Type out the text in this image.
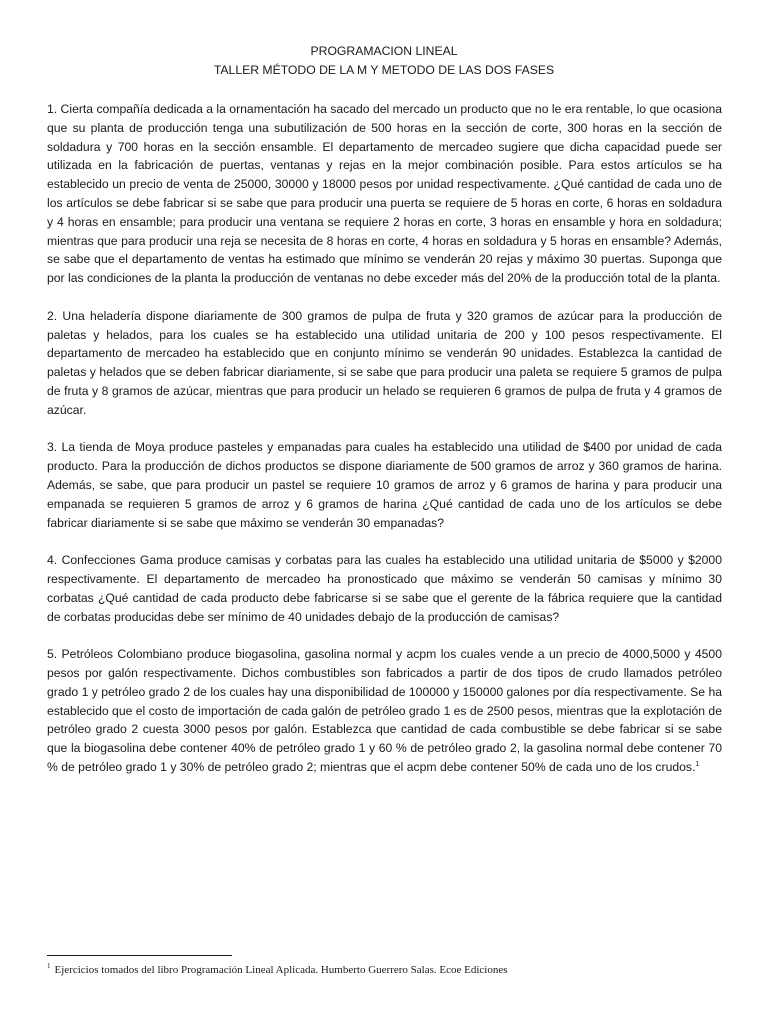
PROGRAMACION LINEAL
TALLER MÉTODO DE LA M Y METODO DE LAS DOS FASES

1. Cierta compañía dedicada a la ornamentación ha sacado del mercado un producto que no le era rentable, lo que ocasiona que su planta de producción tenga una subutilización de 500 horas en la sección de corte, 300 horas en la sección de soldadura y 700 horas en la sección ensamble. El departamento de mercadeo sugiere que dicha capacidad puede ser utilizada en la fabricación de puertas, ventanas y rejas en la mejor combinación posible. Para estos artículos se ha establecido un precio de venta de 25000, 30000 y 18000 pesos por unidad respectivamente. ¿Qué cantidad de cada uno de los artículos se debe fabricar si se sabe que para producir una puerta se requiere de 5 horas en corte, 6 horas en soldadura y 4 horas en ensamble; para producir una ventana se requiere 2 horas en corte, 3 horas en ensamble y hora en soldadura; mientras que para producir una reja se necesita de 8 horas en corte, 4 horas en soldadura y 5 horas en ensamble? Además, se sabe que el departamento de ventas ha estimado que mínimo se venderán 20 rejas y máximo 30 puertas. Suponga que por las condiciones de la planta la producción de ventanas no debe exceder más del 20% de la producción total de la planta.

2. Una heladería dispone diariamente de 300 gramos de pulpa de fruta y 320 gramos de azúcar para la producción de paletas y helados, para los cuales se ha establecido una utilidad unitaria de 200 y 100 pesos respectivamente. El departamento de mercadeo ha establecido que en conjunto mínimo se venderán 90 unidades. Establezca la cantidad de paletas y helados que se deben fabricar diariamente, si se sabe que para producir una paleta se requiere 5 gramos de pulpa de fruta y 8 gramos de azúcar, mientras que para producir un helado se requieren 6 gramos de pulpa de fruta y 4 gramos de azúcar.

3. La tienda de Moya produce pasteles y empanadas para cuales ha establecido una utilidad de $400 por unidad de cada producto. Para la producción de dichos productos se dispone diariamente de 500 gramos de arroz y 360 gramos de harina. Además, se sabe, que para producir un pastel se requiere 10 gramos de arroz y 6 gramos de harina y para producir una empanada se requieren 5 gramos de arroz y 6 gramos de harina ¿Qué cantidad de cada uno de los artículos se debe fabricar diariamente si se sabe que máximo se venderán 30 empanadas?

4. Confecciones Gama produce camisas y corbatas para las cuales ha establecido una utilidad unitaria de $5000 y $2000 respectivamente. El departamento de mercadeo ha pronosticado que máximo se venderán 50 camisas y mínimo 30 corbatas ¿Qué cantidad de cada producto debe fabricarse si se sabe que el gerente de la fábrica requiere que la cantidad de corbatas producidas debe ser mínimo de 40 unidades debajo de la producción de camisas?

5. Petróleos Colombiano produce biogasolina, gasolina normal y acpm los cuales vende a un precio de 4000,5000 y 4500 pesos por galón respectivamente. Dichos combustibles son fabricados a partir de dos tipos de crudo llamados petróleo grado 1 y petróleo grado 2 de los cuales hay una disponibilidad de 100000 y 150000 galones por día respectivamente. Se ha establecido que el costo de importación de cada galón de petróleo grado 1 es de 2500 pesos, mientras que la explotación de petróleo grado 2 cuesta 3000 pesos por galón. Establezca que cantidad de cada combustible se debe fabricar si se sabe que la biogasolina debe contener 40% de petróleo grado 1 y 60 % de petróleo grado 2, la gasolina normal debe contener 70 % de petróleo grado 1 y 30% de petróleo grado 2; mientras que el acpm debe contener 50% de cada uno de los crudos.$^1$

$^1$ Ejercicios tomados del libro Programación Lineal Aplicada. Humberto Guerrero Salas. Ecoe Ediciones
